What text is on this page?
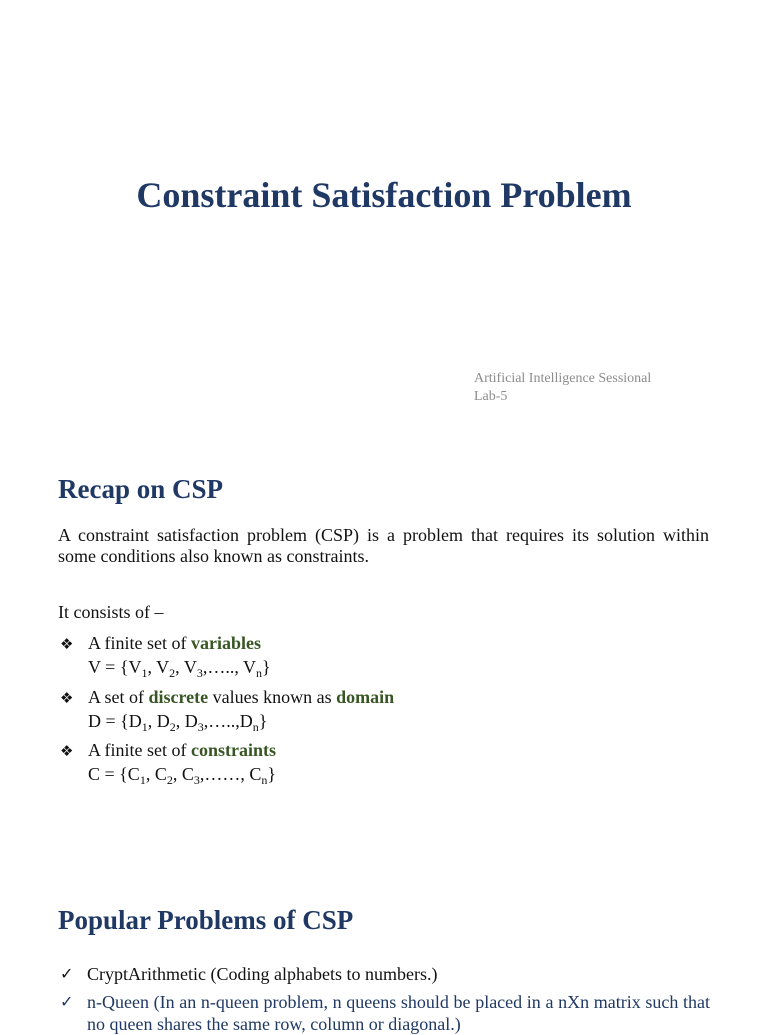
Constraint Satisfaction Problem
Artificial Intelligence Sessional
Lab-5
Recap on CSP

A constraint satisfaction problem (CSP) is a problem that requires its solution within some conditions also known as constraints.

It consists of –

❖ A finite set of variables
$V = \{V_1$, $V_2$, $V_3,\dots$.., $V_n$}
❖ A set of discrete values known as domain
$D = \{D_1$, $D_2$, $D_3,\dots..,D_n$}
❖ A finite set of constraints
$C = \{C_1$, $C_2$, $C_3,\dots\dots$, $C_n$}
Popular Problems of CSP
✓ CryptArithmetic (Coding alphabets to numbers.)
✓ n-Queen (In an n-queen problem, n queens should be placed in a nXn matrix such that no queen shares the same row, column or diagonal.)
